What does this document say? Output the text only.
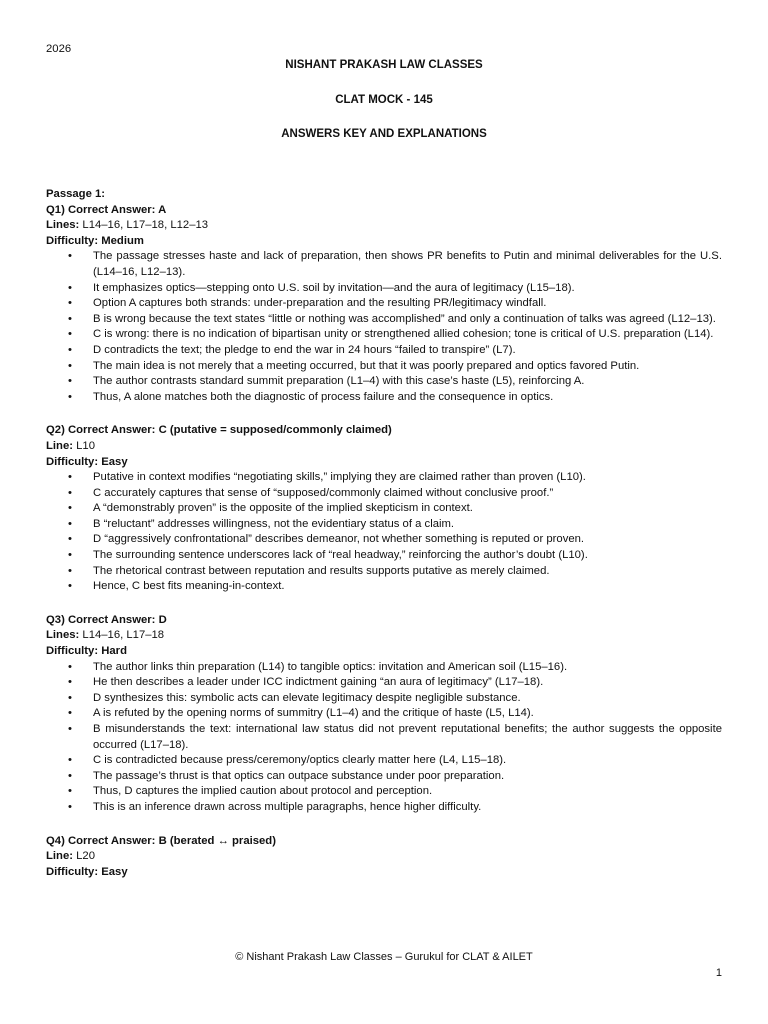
2026
NISHANT PRAKASH LAW CLASSES
CLAT MOCK - 145
ANSWERS KEY AND EXPLANATIONS

Passage 1:

Q1) Correct Answer: A

Lines: L14–16, L17–18, L12–13

Difficulty: Medium

• The passage stresses haste and lack of preparation, then shows PR benefits to Putin and minimal deliverables for the U.S. (L14–16, L12–13).
• It emphasizes optics—stepping onto U.S. soil by invitation—and the aura of legitimacy (L15–18).
• Option A captures both strands: under-preparation and the resulting PR/legitimacy windfall.
• B is wrong because the text states “little or nothing was accomplished” and only a continuation of talks was agreed (L12–13).
• C is wrong: there is no indication of bipartisan unity or strengthened allied cohesion; tone is critical of U.S. preparation (L14).
• D contradicts the text; the pledge to end the war in 24 hours “failed to transpire” (L7).
• The main idea is not merely that a meeting occurred, but that it was poorly prepared and optics favored Putin.
• The author contrasts standard summit preparation (L1–4) with this case’s haste (L5), reinforcing A.
• Thus, A alone matches both the diagnostic of process failure and the consequence in optics.

Q2) Correct Answer: C (putative = supposed/commonly claimed)

Line: L10

Difficulty: Easy

• Putative in context modifies “negotiating skills,” implying they are claimed rather than proven (L10).
• C accurately captures that sense of “supposed/commonly claimed without conclusive proof.”
• A “demonstrably proven” is the opposite of the implied skepticism in context.
• B “reluctant” addresses willingness, not the evidentiary status of a claim.
• D “aggressively confrontational” describes demeanor, not whether something is reputed or proven.
• The surrounding sentence underscores lack of “real headway,” reinforcing the author’s doubt (L10).
• The rhetorical contrast between reputation and results supports putative as merely claimed.
• Hence, C best fits meaning-in-context.

Q3) Correct Answer: D

Lines: L14–16, L17–18

Difficulty: Hard

• The author links thin preparation (L14) to tangible optics: invitation and American soil (L15–16).
• He then describes a leader under ICC indictment gaining “an aura of legitimacy” (L17–18).
• D synthesizes this: symbolic acts can elevate legitimacy despite negligible substance.
• A is refuted by the opening norms of summitry (L1–4) and the critique of haste (L5, L14).
• B misunderstands the text: international law status did not prevent reputational benefits; the author suggests the opposite occurred (L17–18).
• C is contradicted because press/ceremony/optics clearly matter here (L4, L15–18).
• The passage’s thrust is that optics can outpace substance under poor preparation.
• Thus, D captures the implied caution about protocol and perception.
• This is an inference drawn across multiple paragraphs, hence higher difficulty.

Q4) Correct Answer: B (berated ↔ praised)

Line: L20

Difficulty: Easy

© Nishant Prakash Law Classes – Gurukul for CLAT & AILET
1
